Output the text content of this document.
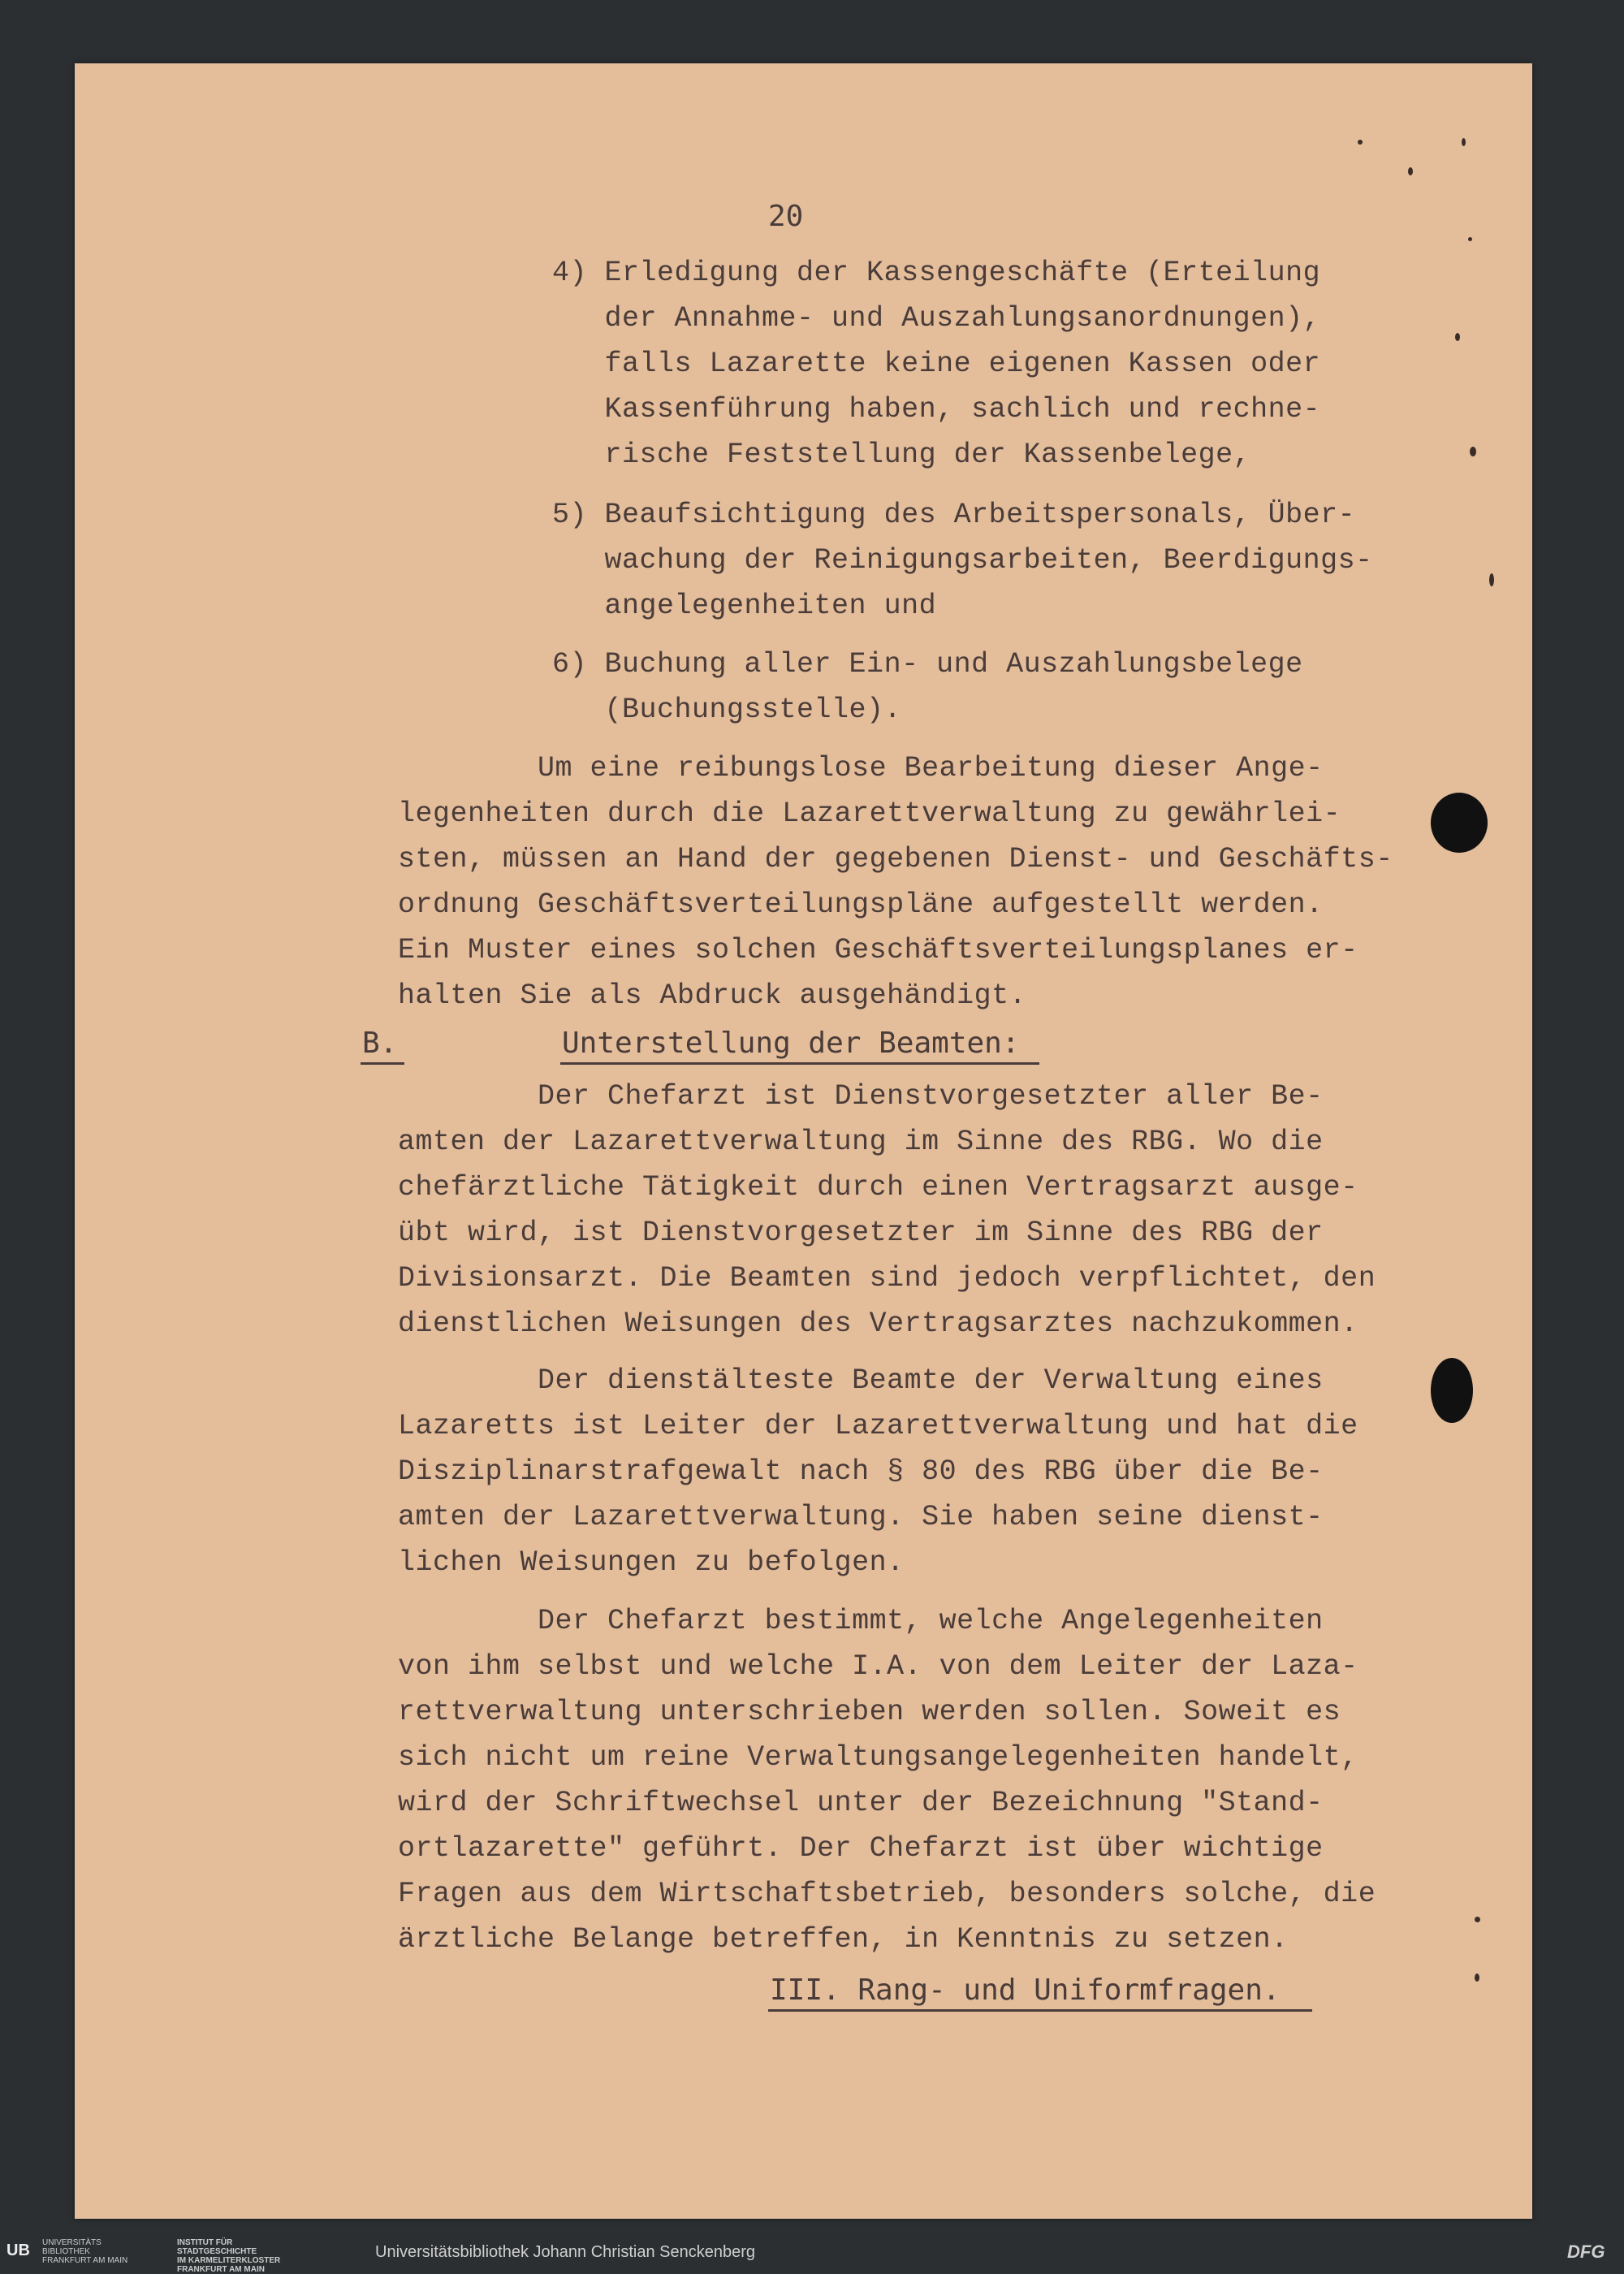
20
4) Erledigung der Kassengeschäfte (Erteilung
der Annahme- und Auszahlungsanordnungen),
falls Lazarette keine eigenen Kassen oder
Kassenführung haben, sachlich und rechne-
rische Feststellung der Kassenbelege,
5) Beaufsichtigung des Arbeitspersonals, Über-
wachung der Reinigungsarbeiten, Beerdigungs-
angelegenheiten und
6) Buchung aller Ein- und Auszahlungsbelege
(Buchungsstelle).
Um eine reibungslose Bearbeitung dieser Ange-
legenheiten durch die Lazarettverwaltung zu gewährlei-
sten, müssen an Hand der gegebenen Dienst- und Geschäfts-
ordnung Geschäftsverteilungspläne aufgestellt werden.
Ein Muster eines solchen Geschäftsverteilungsplanes er-
halten Sie als Abdruck ausgehändigt.
B.	Unterstellung der Beamten:
Der Chefarzt ist Dienstvorgesetzter aller Be-
amten der Lazarettverwaltung im Sinne des RBG. Wo die
chefärztliche Tätigkeit durch einen Vertragsarzt ausge-
übt wird, ist Dienstvorgesetzter im Sinne des RBG der
Divisionsarzt. Die Beamten sind jedoch verpflichtet, den
dienstlichen Weisungen des Vertragsarztes nachzukommen.
Der dienstälteste Beamte der Verwaltung eines
Lazaretts ist Leiter der Lazarettverwaltung und hat die
Disziplinarstrafgewalt nach § 80 des RBG über die Be-
amten der Lazarettverwaltung. Sie haben seine dienst-
lichen Weisungen zu befolgen.
Der Chefarzt bestimmt, welche Angelegenheiten
von ihm selbst und welche I.A. von dem Leiter der Laza-
rettverwaltung unterschrieben werden sollen. Soweit es
sich nicht um reine Verwaltungsangelegenheiten handelt,
wird der Schriftwechsel unter der Bezeichnung "Stand-
ortlazarette" geführt. Der Chefarzt ist über wichtige
Fragen aus dem Wirtschaftsbetrieb, besonders solche, die
ärztliche Belange betreffen, in Kenntnis zu setzen.
III. Rang- und Uniformfragen.
UB UNIVERSITÄTS
BIBLIOTHEK
FRANKFURT AM MAIN
INSTITUT FÜR
STADTGESCHICHTE
IM KARMELITERKLOSTER
FRANKFURT AM MAIN
Universitätsbibliothek Johann Christian Senckenberg	DFG
